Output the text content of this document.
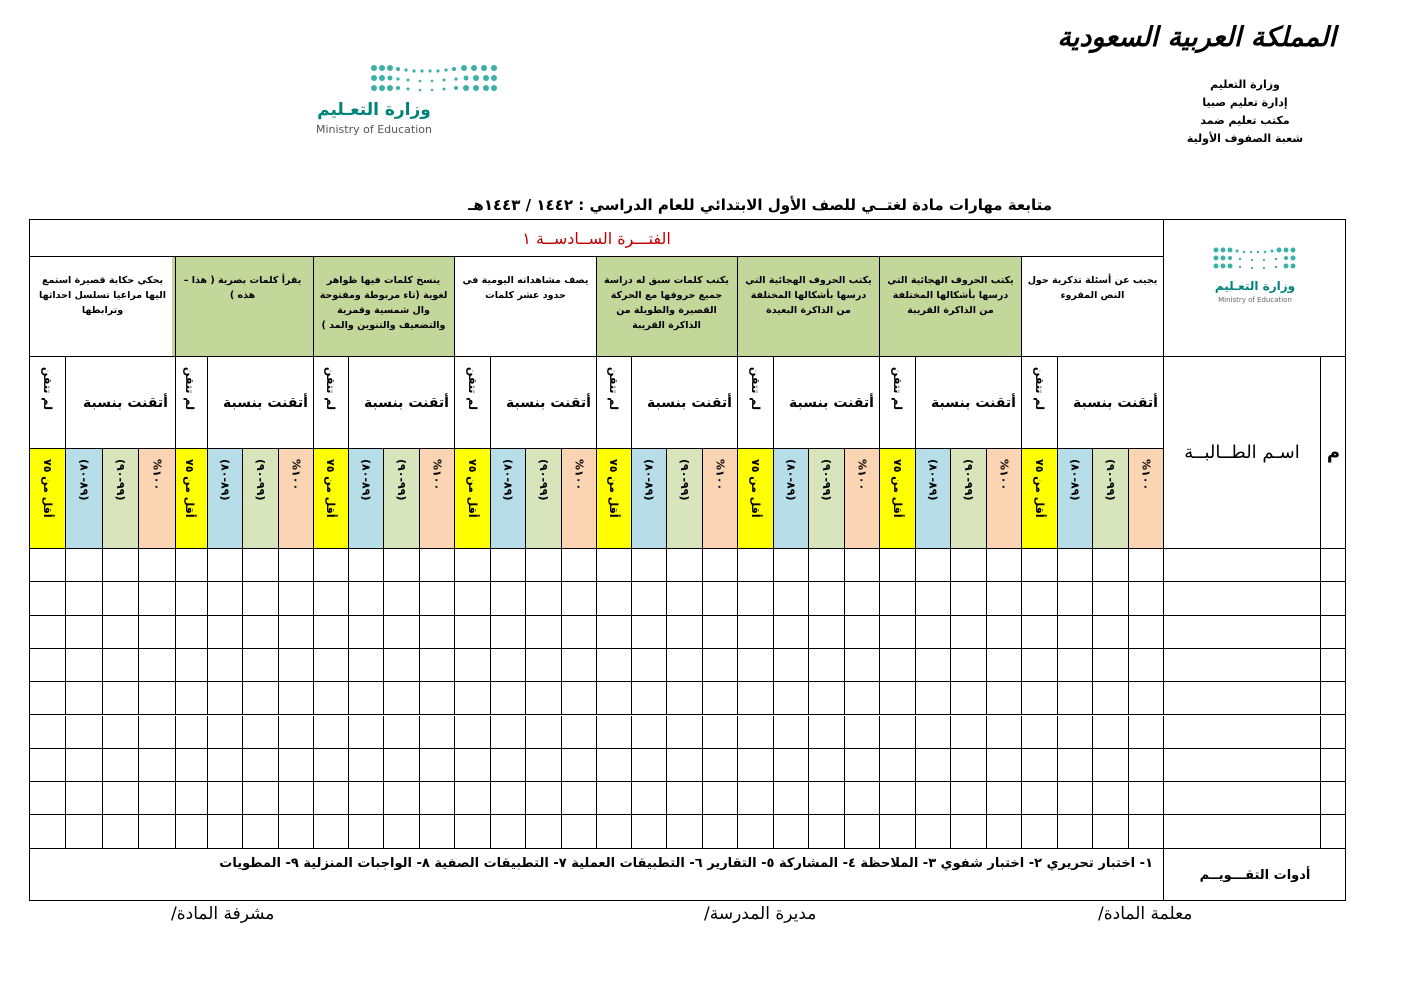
المملكة العربية السعودية
وزارة التعليم
إدارة تعليم صبيا
مكتب تعليم ضمد
شعبة الصفوف الأولية
وزارة التعـليم
Ministry of Education
متابعة مهارات مادة لغتــي للصف الأول الابتدائي للعام الدراسي : ١٤٤٢ / ١٤٤٣هـ
الفتـــرة الســادســة ١
وزارة التعـليم
Ministry of Education
م
اسـم الطــالبــة
أدوات التقـــويــم
١- اختبار تحريري ٢- اختبار شفوي ٣- الملاحظة ٤- المشاركة ٥- التقارير ٦- التطبيقات العملية ٧- التطبيقات الصفية ٨- الواجبات المنزلية ٩- المطويات
يجيب عن أسئلة تذكرية حول النص المقروء
أتقنت بنسبة
لم تتقن
١٠٠%
(٩٩-٩٠)
(٨٩-٨٠)
أقل من ٧٥
يكتب الحروف الهجائية التي درسها بأشكالها المختلفة من الذاكرة القريبة
أتقنت بنسبة
لم تتقن
١٠٠%
(٩٩-٩٠)
(٨٩-٨٠)
أقل من ٧٥
يكتب الحروف الهجائية التي درسها بأشكالها المختلفة من الذاكرة البعيدة
أتقنت بنسبة
لم تتقن
١٠٠%
(٩٩-٩٠)
(٨٩-٨٠)
أقل من ٧٥
يكتب كلمات سبق له دراسة جميع حروفها مع الحركة القصيرة والطويلة من الذاكرة القريبة
أتقنت بنسبة
لم تتقن
١٠٠%
(٩٩-٩٠)
(٨٩-٨٠)
أقل من ٧٥
يصف مشاهداته اليومية في حدود عشر كلمات
أتقنت بنسبة
لم تتقن
١٠٠%
(٩٩-٩٠)
(٨٩-٨٠)
أقل من ٧٥
ينسخ كلمات فيها ظواهر لغوية (تاء مربوطة ومفتوحة وال شمسية وقمرية والتضعيف والتنوين والمد )
أتقنت بنسبة
لم تتقن
١٠٠%
(٩٩-٩٠)
(٨٩-٨٠)
أقل من ٧٥
يقرأ كلمات بصرية ( هذا – هذه )
أتقنت بنسبة
لم تتقن
١٠٠%
(٩٩-٩٠)
(٨٩-٨٠)
أقل من ٧٥
يحكي حكاية قصيرة استمع اليها مراعيا تسلسل احداثها وترابطها
أتقنت بنسبة
لم تتقن
١٠٠%
(٩٩-٩٠)
(٨٩-٨٠)
أقل من ٧٥
معلمة المادة/
مديرة المدرسة/
مشرفة المادة/
